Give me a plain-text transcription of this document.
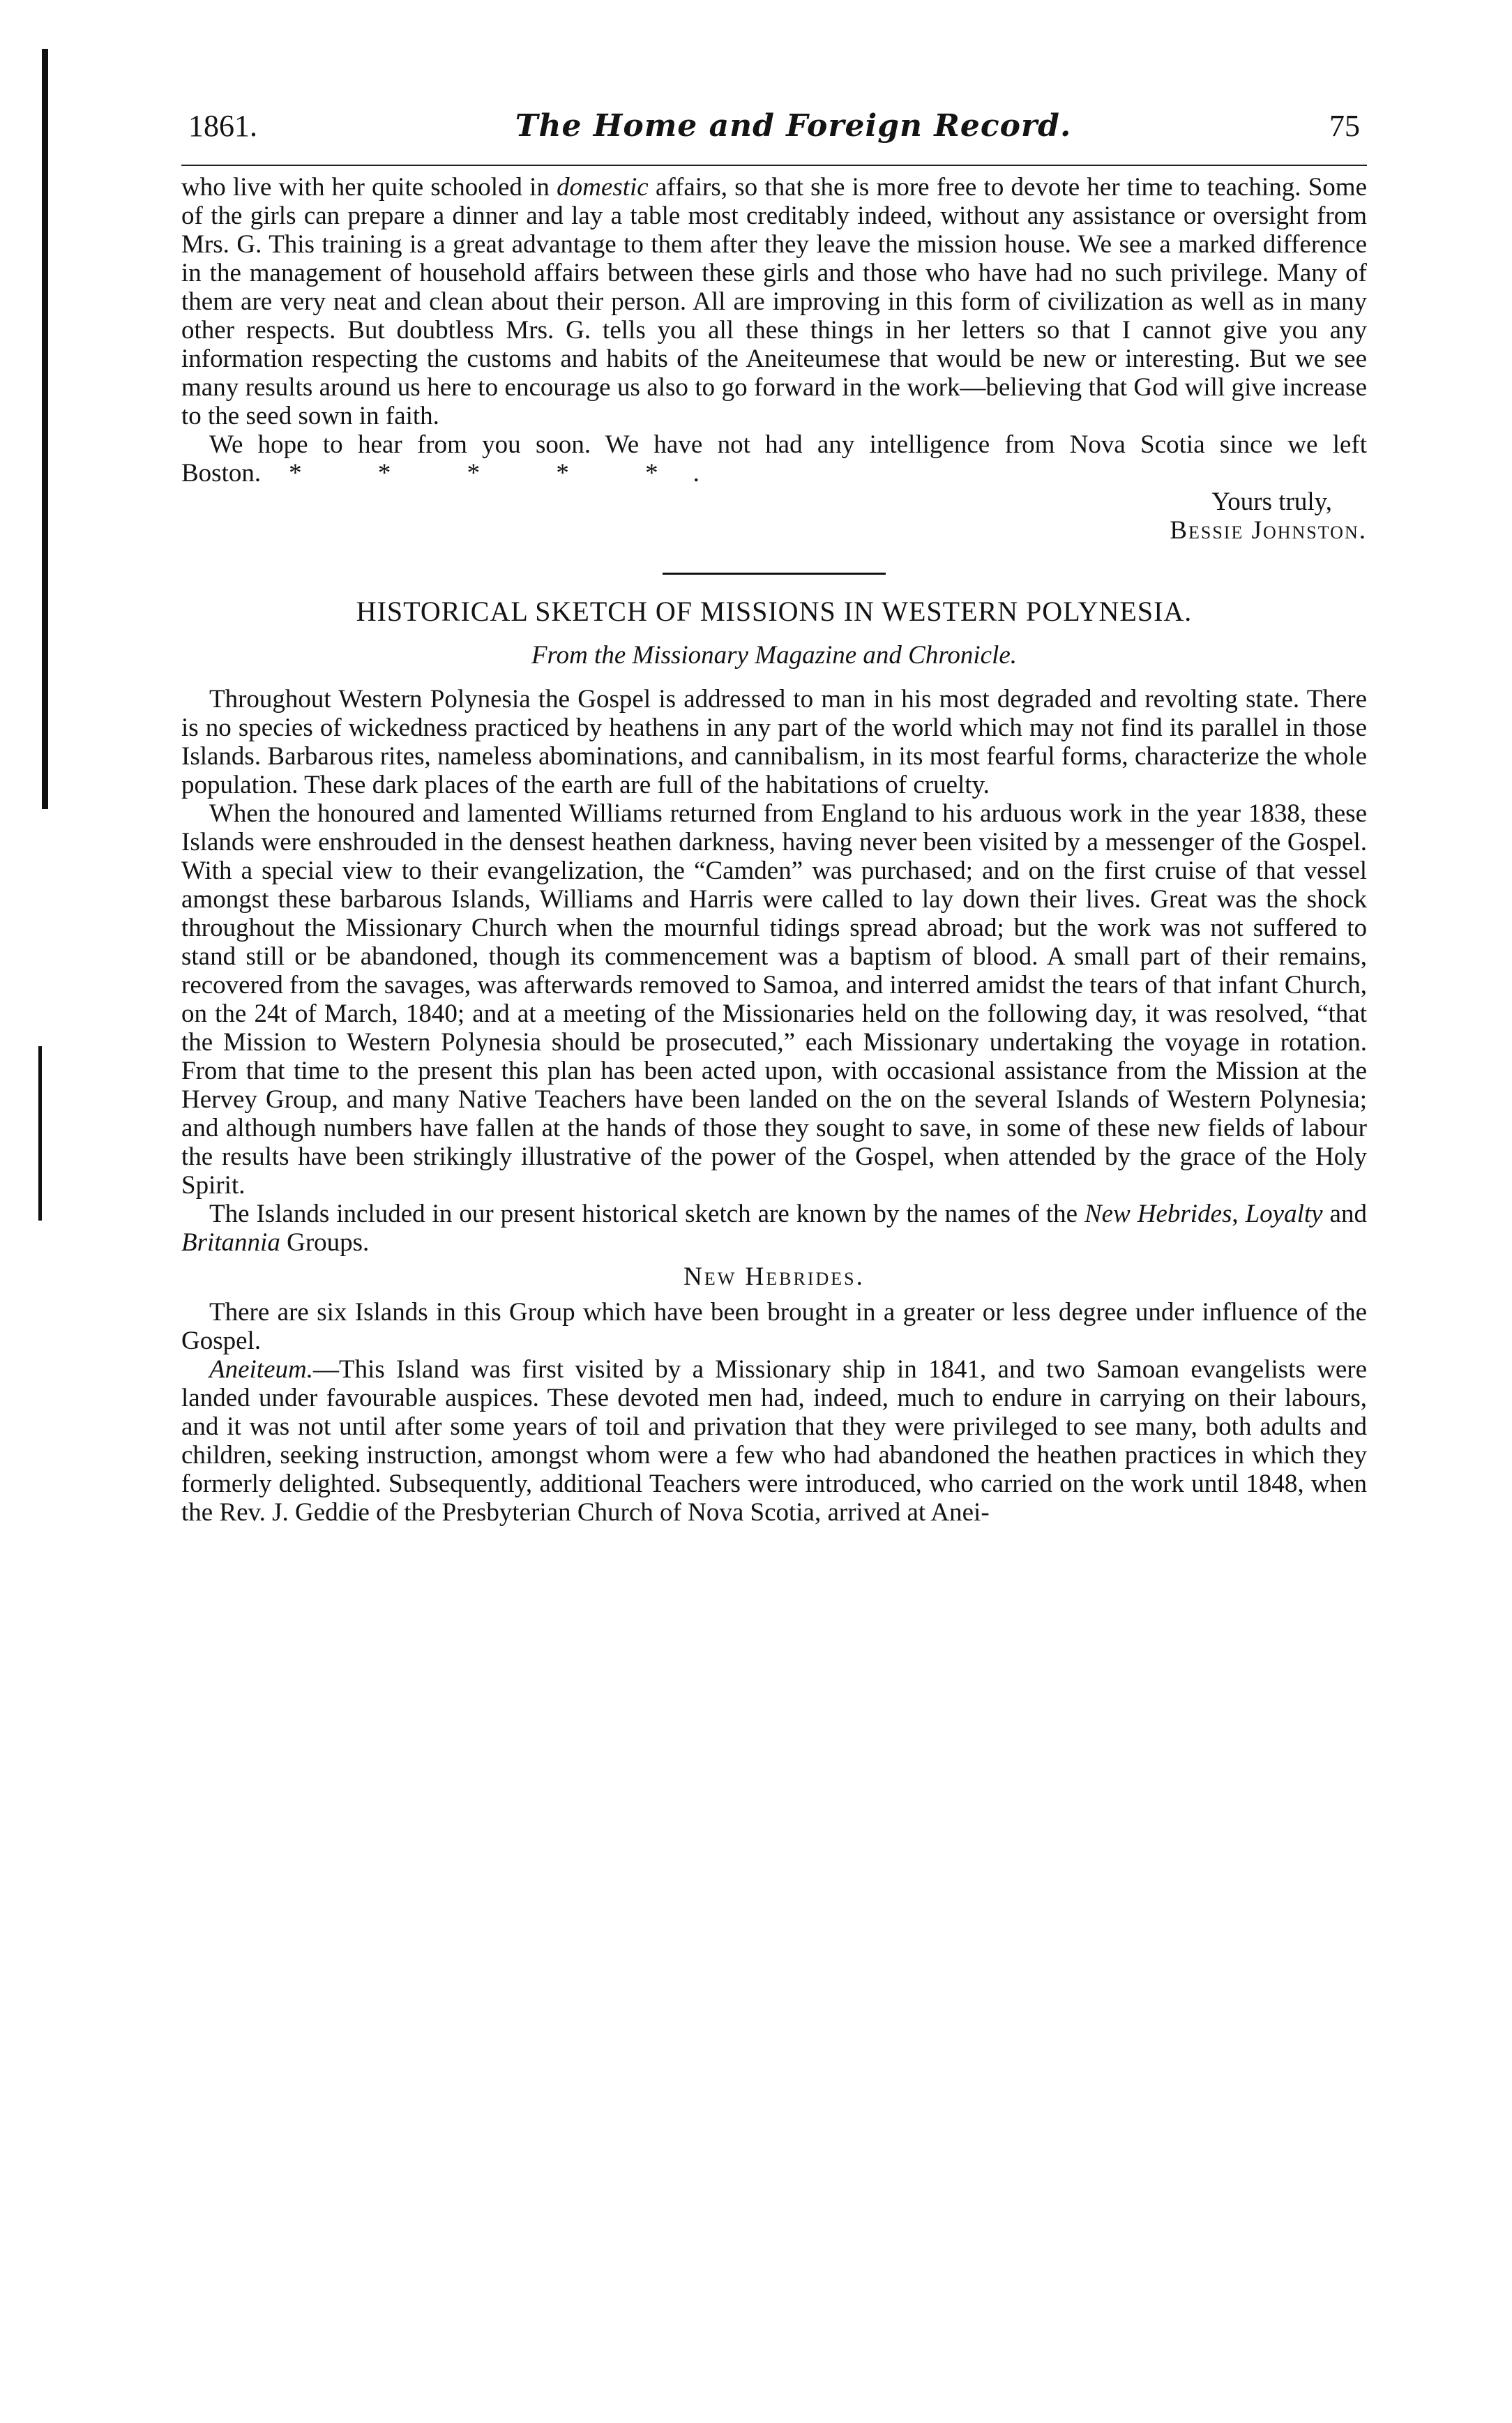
1861.	The Home and Foreign Record.	75

who live with her quite schooled in domestic affairs, so that she is more free to devote her time to teaching. Some of the girls can prepare a dinner and lay a table most creditably indeed, without any assistance or oversight from Mrs. G. This training is a great advantage to them after they leave the mission house. We see a marked difference in the management of household affairs between these girls and those who have had no such privilege. Many of them are very neat and clean about their person. All are improving in this form of civilization as well as in many other respects. But doubtless Mrs. G. tells you all these things in her letters so that I cannot give you any information respecting the customs and habits of the Aneiteumese that would be new or interesting. But we see many results around us here to encourage us also to go forward in the work—believing that God will give increase to the seed sown in faith.

We hope to hear from you soon. We have not had any intelligence from Nova Scotia since we left Boston. * * * * *.

Yours truly,

Bessie Johnston.

HISTORICAL SKETCH OF MISSIONS IN WESTERN POLYNESIA.
From the Missionary Magazine and Chronicle.

Throughout Western Polynesia the Gospel is addressed to man in his most degraded and revolting state. There is no species of wickedness practiced by heathens in any part of the world which may not find its parallel in those Islands. Barbarous rites, nameless abominations, and cannibalism, in its most fearful forms, characterize the whole population. These dark places of the earth are full of the habitations of cruelty.

When the honoured and lamented Williams returned from England to his arduous work in the year 1838, these Islands were enshrouded in the densest heathen darkness, having never been visited by a messenger of the Gospel. With a special view to their evangelization, the “Camden” was purchased; and on the first cruise of that vessel amongst these barbarous Islands, Williams and Harris were called to lay down their lives. Great was the shock throughout the Missionary Church when the mournful tidings spread abroad; but the work was not suffered to stand still or be abandoned, though its commencement was a baptism of blood. A small part of their remains, recovered from the savages, was afterwards removed to Samoa, and interred amidst the tears of that infant Church, on the 24t of March, 1840; and at a meeting of the Missionaries held on the following day, it was resolved, “that the Mission to Western Polynesia should be prosecuted,” each Missionary undertaking the voyage in rotation. From that time to the present this plan has been acted upon, with occasional assistance from the Mission at the Hervey Group, and many Native Teachers have been landed on the on the several Islands of Western Polynesia; and although numbers have fallen at the hands of those they sought to save, in some of these new fields of labour the results have been strikingly illustrative of the power of the Gospel, when attended by the grace of the Holy Spirit.

The Islands included in our present historical sketch are known by the names of the New Hebrides, Loyalty and Britannia Groups.

New Hebrides.

There are six Islands in this Group which have been brought in a greater or less degree under influence of the Gospel.

Aneiteum.—This Island was first visited by a Missionary ship in 1841, and two Samoan evangelists were landed under favourable auspices. These devoted men had, indeed, much to endure in carrying on their labours, and it was not until after some years of toil and privation that they were privileged to see many, both adults and children, seeking instruction, amongst whom were a few who had abandoned the heathen practices in which they formerly delighted. Subsequently, additional Teachers were introduced, who carried on the work until 1848, when the Rev. J. Geddie of the Presbyterian Church of Nova Scotia, arrived at Anei-
